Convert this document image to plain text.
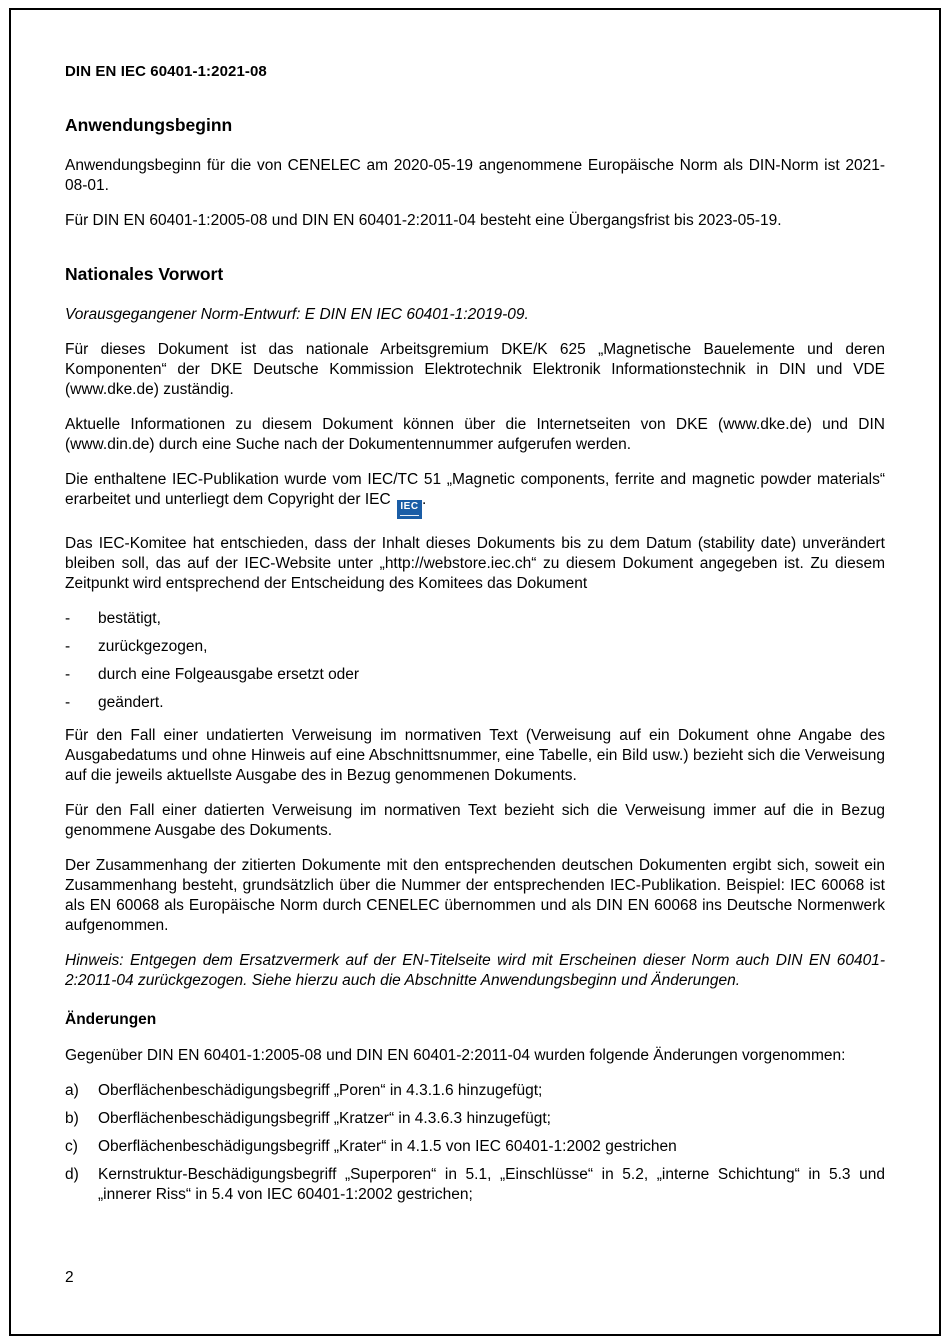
DIN EN IEC 60401-1:2021-08
Anwendungsbeginn

Anwendungsbeginn für die von CENELEC am 2020-05-19 angenommene Europäische Norm als DIN-Norm ist 2021-08-01.

Für DIN EN 60401-1:2005-08 und DIN EN 60401-2:2011-04 besteht eine Übergangsfrist bis 2023-05-19.

Nationales Vorwort

Vorausgegangener Norm-Entwurf: E DIN EN IEC 60401-1:2019-09.

Für dieses Dokument ist das nationale Arbeitsgremium DKE/K 625 „Magnetische Bauelemente und deren Komponenten“ der DKE Deutsche Kommission Elektrotechnik Elektronik Informationstechnik in DIN und VDE (www.dke.de) zuständig.

Aktuelle Informationen zu diesem Dokument können über die Internetseiten von DKE (www.dke.de) und DIN (www.din.de) durch eine Suche nach der Dokumentennummer aufgerufen werden.

Die enthaltene IEC-Publikation wurde vom IEC/TC 51 „Magnetic components, ferrite and magnetic powder materials“ erarbeitet und unterliegt dem Copyright der IEC IEC .

Das IEC-Komitee hat entschieden, dass der Inhalt dieses Dokuments bis zu dem Datum (stability date) unverändert bleiben soll, das auf der IEC-Website unter „http://webstore.iec.ch“ zu diesem Dokument angegeben ist. Zu diesem Zeitpunkt wird entsprechend der Entscheidung des Komitees das Dokument

-	bestätigt,
-	zurückgezogen,
-	durch eine Folgeausgabe ersetzt oder
-	geändert.

Für den Fall einer undatierten Verweisung im normativen Text (Verweisung auf ein Dokument ohne Angabe des Ausgabedatums und ohne Hinweis auf eine Abschnittsnummer, eine Tabelle, ein Bild usw.) bezieht sich die Verweisung auf die jeweils aktuellste Ausgabe des in Bezug genommenen Dokuments.

Für den Fall einer datierten Verweisung im normativen Text bezieht sich die Verweisung immer auf die in Bezug genommene Ausgabe des Dokuments.

Der Zusammenhang der zitierten Dokumente mit den entsprechenden deutschen Dokumenten ergibt sich, soweit ein Zusammenhang besteht, grundsätzlich über die Nummer der entsprechenden IEC-Publikation. Beispiel: IEC 60068 ist als EN 60068 als Europäische Norm durch CENELEC übernommen und als DIN EN 60068 ins Deutsche Normenwerk aufgenommen.

Hinweis: Entgegen dem Ersatzvermerk auf der EN-Titelseite wird mit Erscheinen dieser Norm auch DIN EN 60401-2:2011-04 zurückgezogen. Siehe hierzu auch die Abschnitte Anwendungsbeginn und Änderungen.

Änderungen

Gegenüber DIN EN 60401-1:2005-08 und DIN EN 60401-2:2011-04 wurden folgende Änderungen vorgenommen:

a)	Oberflächenbeschädigungsbegriff „Poren“ in 4.3.1.6 hinzugefügt;
b)	Oberflächenbeschädigungsbegriff „Kratzer“ in 4.3.6.3 hinzugefügt;
c)	Oberflächenbeschädigungsbegriff „Krater“ in 4.1.5 von IEC 60401-1:2002 gestrichen
d)	Kernstruktur-Beschädigungsbegriff „Superporen“ in 5.1, „Einschlüsse“ in 5.2, „interne Schichtung“ in 5.3 und „innerer Riss“ in 5.4 von IEC 60401-1:2002 gestrichen;
2
